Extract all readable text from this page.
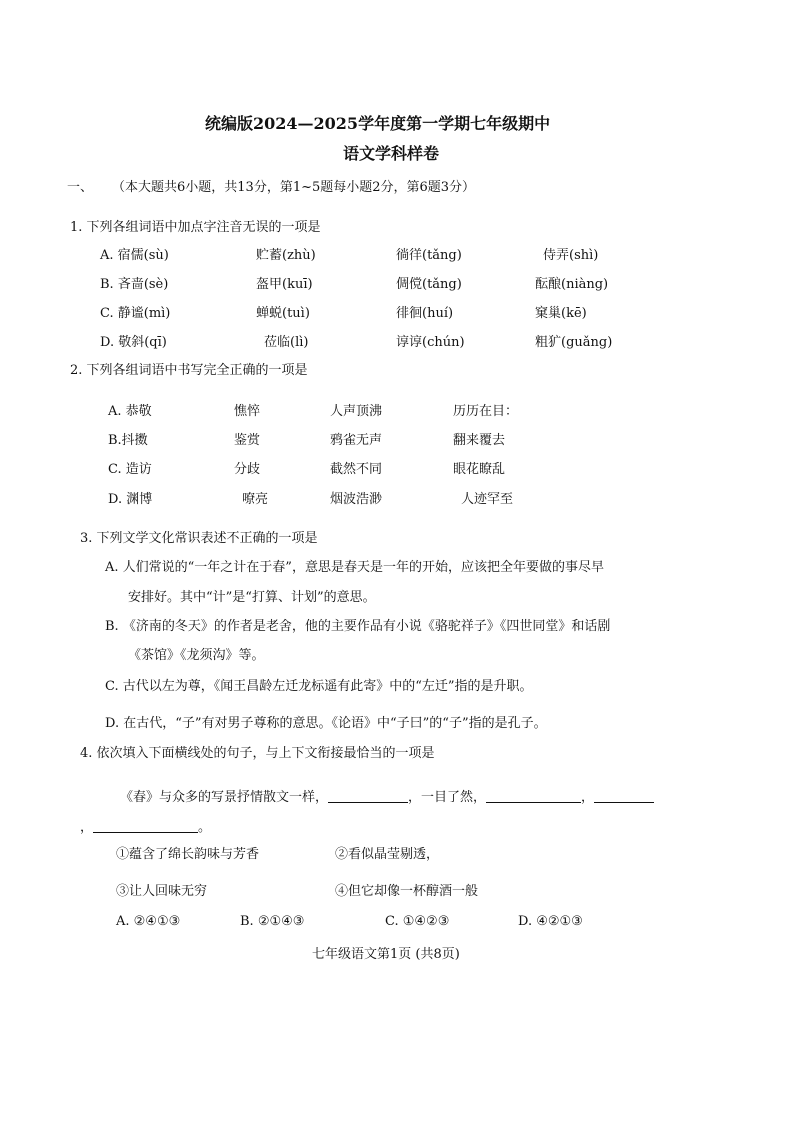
统编版2024—2025学年度第一学期七年级期中
语文学科样卷
一、 （本大题共6小题，共13分，第1~5题每小题2分，第6题3分）
1. 下列各组词语中加点字注音无误的一项是
A. 宿儒(sù)	贮蓄(zhù)	徜徉(tǎng)	侍弄(shì)
B. 吝啬(sè)	盔甲(kuī)	倜傥(tǎng)	酝酿(niàng)
C. 静谧(mì)	蝉蜕(tuì)	徘徊(huí)	窠巢(kē)
D. 敬斜(qī)	莅临(lì)	谆谆(chún)	粗犷(guǎng)
2. 下列各组词语中书写完全正确的一项是
A. 恭敬	憔悴	人声顶沸	历历在目：
B.抖擞	鉴赏	鸦雀无声	翻来覆去
C. 造访	分歧	截然不同	眼花瞭乱
D. 渊博	嘹亮	烟波浩渺	人迹罕至
3. 下列文学文化常识表述不正确的一项是
A. 人们常说的“一年之计在于春”，意思是春天是一年的开始，应该把全年要做的事尽早
安排好。其中“计”是“打算、计划”的意思。
B. 《济南的冬天》的作者是老舍，他的主要作品有小说《骆驼祥子》《四世同堂》和话剧
《茶馆》《龙须沟》等。
C. 古代以左为尊，《闻王昌龄左迁龙标遥有此寄》中的“左迁”指的是升职。
D. 在古代，“子”有对男子尊称的意思。《论语》中“子曰”的“子”指的是孔子。
4. 依次填入下面横线处的句子，与上下文衔接最恰当的一项是
《春》与众多的写景抒情散文一样，	，一目了然，	，
，	。
①蕴含了绵长韵味与芳香	②看似晶莹剔透，
③让人回味无穷	④但它却像一杯醇酒一般
A. ②④①③	B. ②①④③	C. ①④②③	D. ④②①③
七年级语文第1页 (共8页)
